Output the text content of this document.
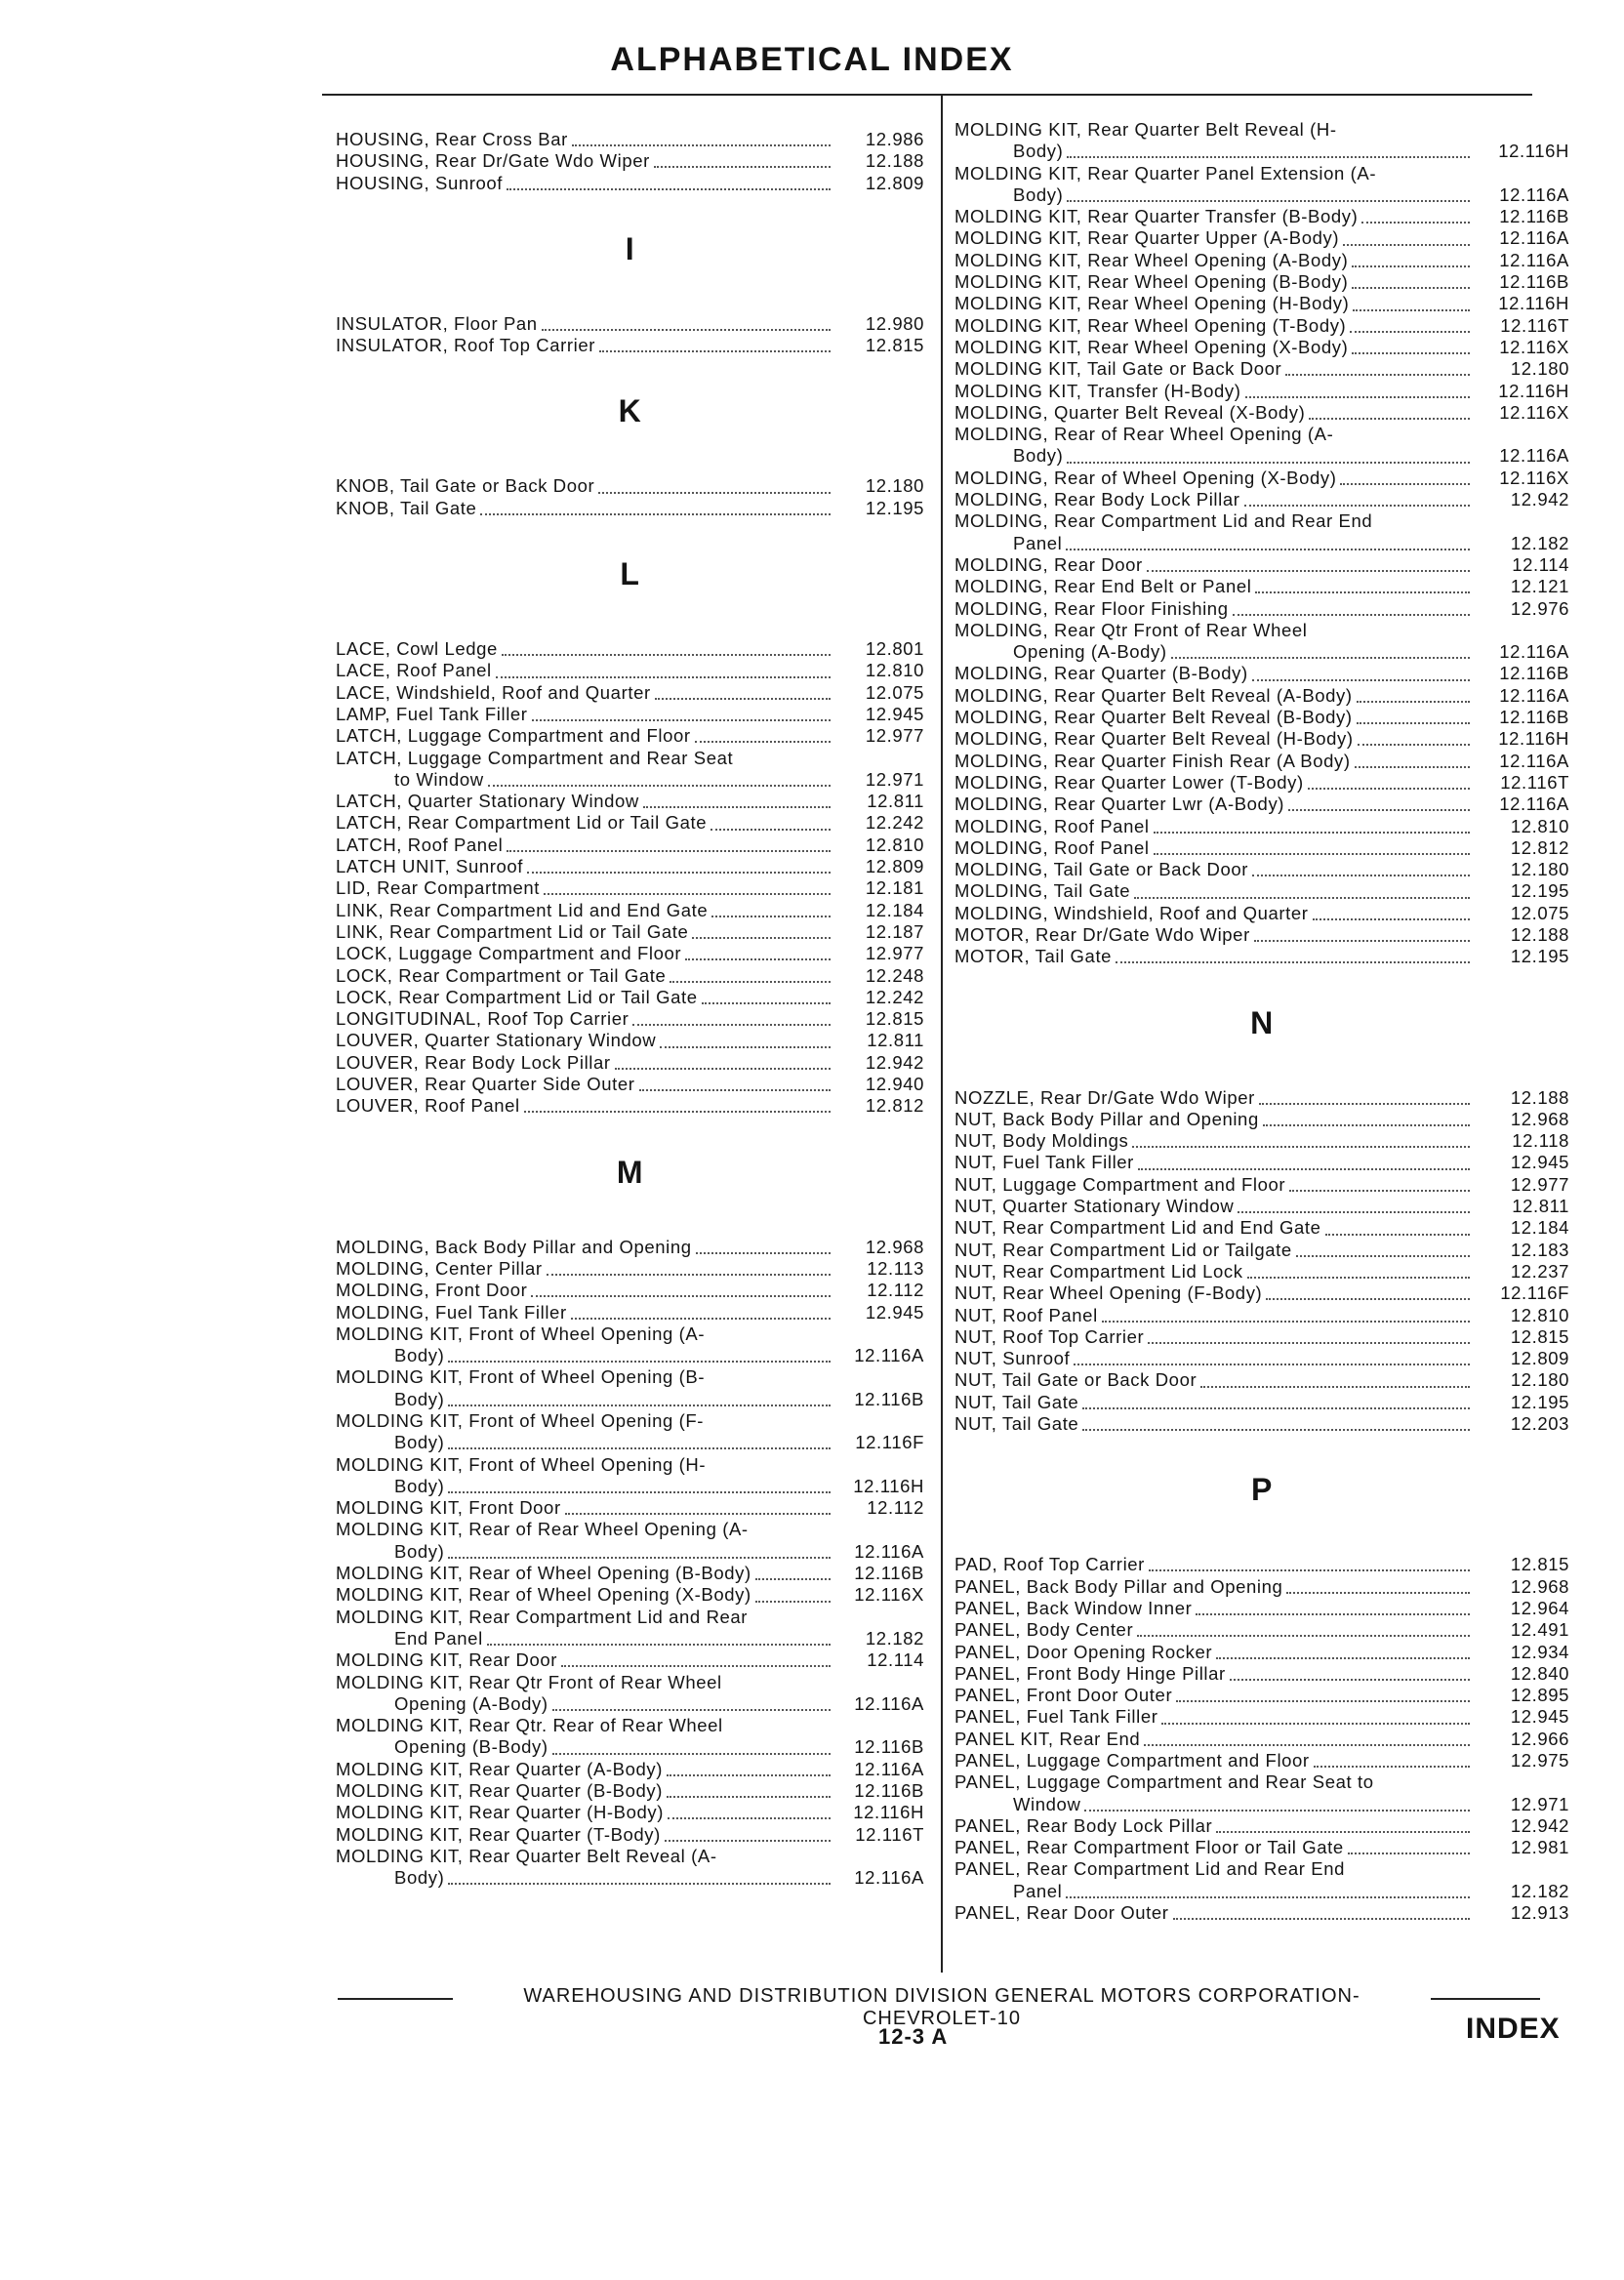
ALPHABETICAL INDEX
HOUSING, Rear Cross Bar	12.986
HOUSING, Rear Dr/Gate Wdo Wiper	12.188
HOUSING, Sunroof	12.809
I
INSULATOR, Floor Pan	12.980
INSULATOR, Roof Top Carrier	12.815
K
KNOB, Tail Gate or Back Door	12.180
KNOB, Tail Gate	12.195
L
LACE, Cowl Ledge	12.801
LACE, Roof Panel	12.810
LACE, Windshield, Roof and Quarter	12.075
LAMP, Fuel Tank Filler	12.945
LATCH, Luggage Compartment and Floor	12.977
LATCH, Luggage Compartment and Rear Seat
to Window	12.971
LATCH, Quarter Stationary Window	12.811
LATCH, Rear Compartment Lid or Tail Gate	12.242
LATCH, Roof Panel	12.810
LATCH UNIT, Sunroof	12.809
LID, Rear Compartment	12.181
LINK, Rear Compartment Lid and End Gate	12.184
LINK, Rear Compartment Lid or Tail Gate	12.187
LOCK, Luggage Compartment and Floor	12.977
LOCK, Rear Compartment or Tail Gate	12.248
LOCK, Rear Compartment Lid or Tail Gate	12.242
LONGITUDINAL, Roof Top Carrier	12.815
LOUVER, Quarter Stationary Window	12.811
LOUVER, Rear Body Lock Pillar	12.942
LOUVER, Rear Quarter Side Outer	12.940
LOUVER, Roof Panel	12.812
M
MOLDING, Back Body Pillar and Opening	12.968
MOLDING, Center Pillar	12.113
MOLDING, Front Door	12.112
MOLDING, Fuel Tank Filler	12.945
MOLDING KIT, Front of Wheel Opening (A-
Body)	12.116A
MOLDING KIT, Front of Wheel Opening (B-
Body)	12.116B
MOLDING KIT, Front of Wheel Opening (F-
Body)	12.116F
MOLDING KIT, Front of Wheel Opening (H-
Body)	12.116H
MOLDING KIT, Front Door	12.112
MOLDING KIT, Rear of Rear Wheel Opening (A-
Body)	12.116A
MOLDING KIT, Rear of Wheel Opening (B-Body)	12.116B
MOLDING KIT, Rear of Wheel Opening (X-Body)	12.116X
MOLDING KIT, Rear Compartment Lid and Rear
End Panel	12.182
MOLDING KIT, Rear Door	12.114
MOLDING KIT, Rear Qtr Front of Rear Wheel
Opening (A-Body)	12.116A
MOLDING KIT, Rear Qtr. Rear of Rear Wheel
Opening (B-Body)	12.116B
MOLDING KIT, Rear Quarter (A-Body)	12.116A
MOLDING KIT, Rear Quarter (B-Body)	12.116B
MOLDING KIT, Rear Quarter (H-Body)	12.116H
MOLDING KIT, Rear Quarter (T-Body)	12.116T
MOLDING KIT, Rear Quarter Belt Reveal (A-
Body)	12.116A
MOLDING KIT, Rear Quarter Belt Reveal (H-
Body)	12.116H
MOLDING KIT, Rear Quarter Panel Extension (A-
Body)	12.116A
MOLDING KIT, Rear Quarter Transfer (B-Body)	12.116B
MOLDING KIT, Rear Quarter Upper (A-Body)	12.116A
MOLDING KIT, Rear Wheel Opening (A-Body)	12.116A
MOLDING KIT, Rear Wheel Opening (B-Body)	12.116B
MOLDING KIT, Rear Wheel Opening (H-Body)	12.116H
MOLDING KIT, Rear Wheel Opening (T-Body)	12.116T
MOLDING KIT, Rear Wheel Opening (X-Body)	12.116X
MOLDING KIT, Tail Gate or Back Door	12.180
MOLDING KIT, Transfer (H-Body)	12.116H
MOLDING, Quarter Belt Reveal (X-Body)	12.116X
MOLDING, Rear of Rear Wheel Opening (A-
Body)	12.116A
MOLDING, Rear of Wheel Opening (X-Body)	12.116X
MOLDING, Rear Body Lock Pillar	12.942
MOLDING, Rear Compartment Lid and Rear End
Panel	12.182
MOLDING, Rear Door	12.114
MOLDING, Rear End Belt or Panel	12.121
MOLDING, Rear Floor Finishing	12.976
MOLDING, Rear Qtr Front of Rear Wheel
Opening (A-Body)	12.116A
MOLDING, Rear Quarter (B-Body)	12.116B
MOLDING, Rear Quarter Belt Reveal (A-Body)	12.116A
MOLDING, Rear Quarter Belt Reveal (B-Body)	12.116B
MOLDING, Rear Quarter Belt Reveal (H-Body)	12.116H
MOLDING, Rear Quarter Finish Rear (A Body)	12.116A
MOLDING, Rear Quarter Lower (T-Body)	12.116T
MOLDING, Rear Quarter Lwr (A-Body)	12.116A
MOLDING, Roof Panel	12.810
MOLDING, Roof Panel	12.812
MOLDING, Tail Gate or Back Door	12.180
MOLDING, Tail Gate	12.195
MOLDING, Windshield, Roof and Quarter	12.075
MOTOR, Rear Dr/Gate Wdo Wiper	12.188
MOTOR, Tail Gate	12.195
N
NOZZLE, Rear Dr/Gate Wdo Wiper	12.188
NUT, Back Body Pillar and Opening	12.968
NUT, Body Moldings	12.118
NUT, Fuel Tank Filler	12.945
NUT, Luggage Compartment and Floor	12.977
NUT, Quarter Stationary Window	12.811
NUT, Rear Compartment Lid and End Gate	12.184
NUT, Rear Compartment Lid or Tailgate	12.183
NUT, Rear Compartment Lid Lock	12.237
NUT, Rear Wheel Opening (F-Body)	12.116F
NUT, Roof Panel	12.810
NUT, Roof Top Carrier	12.815
NUT, Sunroof	12.809
NUT, Tail Gate or Back Door	12.180
NUT, Tail Gate	12.195
NUT, Tail Gate	12.203
P
PAD, Roof Top Carrier	12.815
PANEL, Back Body Pillar and Opening	12.968
PANEL, Back Window Inner	12.964
PANEL, Body Center	12.491
PANEL, Door Opening Rocker	12.934
PANEL, Front Body Hinge Pillar	12.840
PANEL, Front Door Outer	12.895
PANEL, Fuel Tank Filler	12.945
PANEL KIT, Rear End	12.966
PANEL, Luggage Compartment and Floor	12.975
PANEL, Luggage Compartment and Rear Seat to
Window	12.971
PANEL, Rear Body Lock Pillar	12.942
PANEL, Rear Compartment Floor or Tail Gate	12.981
PANEL, Rear Compartment Lid and Rear End
Panel	12.182
PANEL, Rear Door Outer	12.913
WAREHOUSING AND DISTRIBUTION DIVISION GENERAL MOTORS CORPORATION-CHEVROLET-10
12-3 A	INDEX
